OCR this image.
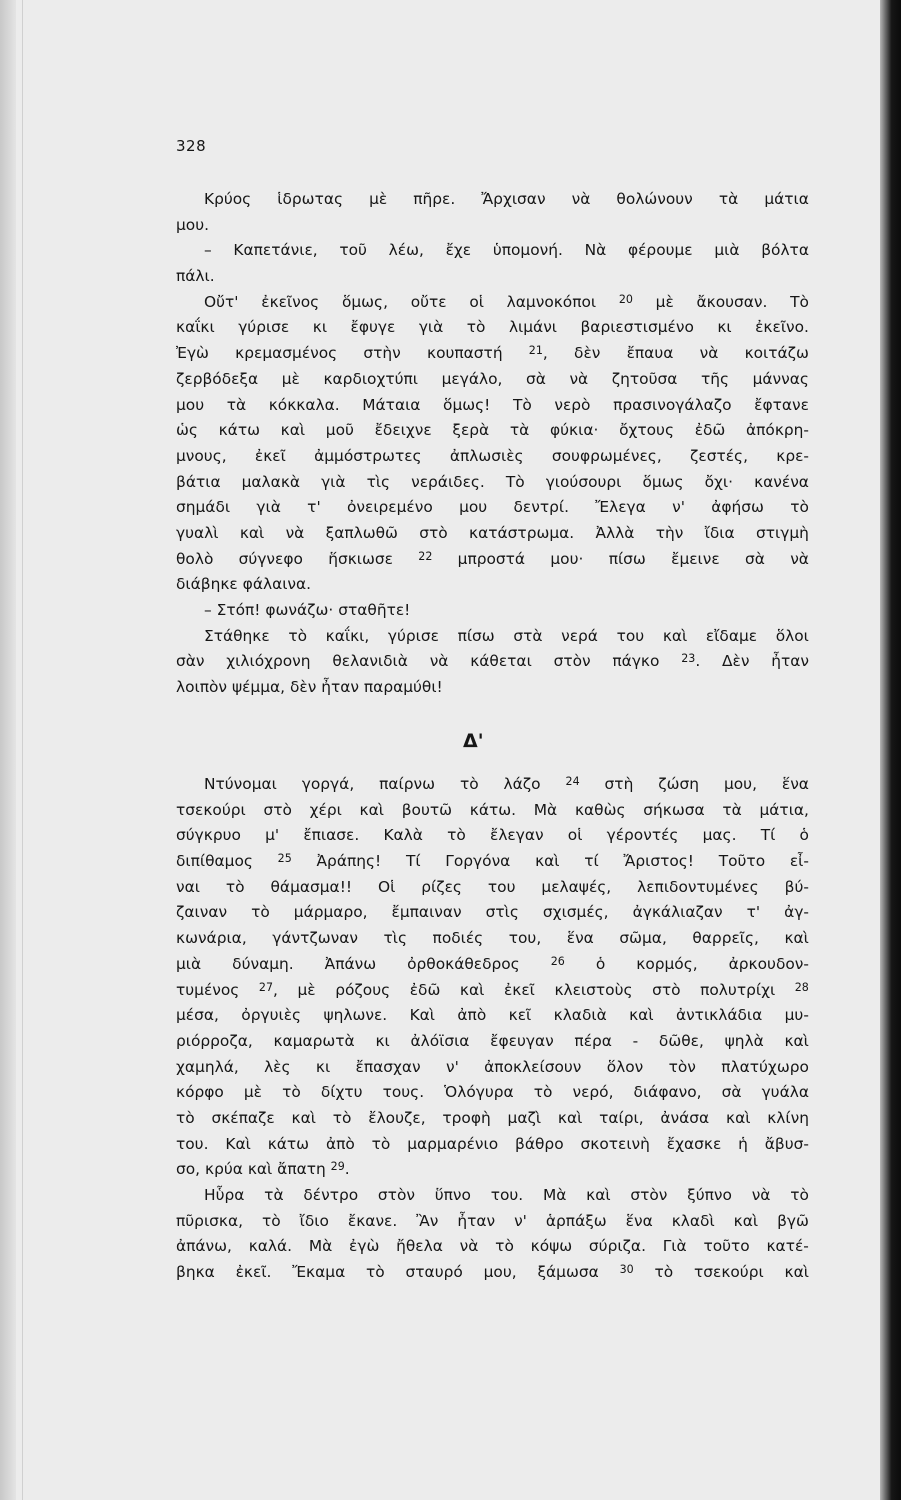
328
Κρύος ἱδρωτας μὲ πῆρε. Ἄρχισαν νὰ θολώνουν τὰ μάτια
μου.
– Καπετάνιε, τοῦ λέω, ἔχε ὑπομονή. Νὰ φέρουμε μιὰ βόλτα
πάλι.
Οὔτ' ἐκεῖνος ὅμως, οὔτε οἱ λαμνοκόποι $^{20}$ μὲ ἄκουσαν. Τὸ
καΐκι γύρισε κι ἔφυγε γιὰ τὸ λιμάνι βαριεστισμένο κι ἐκεῖνο.
Ἐγὼ κρεμασμένος στὴν κουπαστή $^{21}$, δὲν ἔπαυα νὰ κοιτάζω
ζερβόδεξα μὲ καρδιοχτύπι μεγάλο, σὰ νὰ ζητοῦσα τῆς μάννας
μου τὰ κόκκαλα. Μάταια ὅμως! Τὸ νερὸ πρασινογάλαζο ἔφτανε
ὡς κάτω καὶ μοῦ ἔδειχνε ξερὰ τὰ φύκια· ὄχτους ἐδῶ ἀπόκρη-
μνους, ἐκεῖ ἀμμόστρωτες ἀπλωσιὲς σουφρωμένες, ζεστές, κρε-
βάτια μαλακὰ γιὰ τὶς νεράιδες. Τὸ γιούσουρι ὅμως ὄχι· κανένα
σημάδι γιὰ τ' ὀνειρεμένο μου δεντρί. Ἔλεγα ν' ἀφήσω τὸ
γυαλὶ καὶ νὰ ξαπλωθῶ στὸ κατάστρωμα. Ἀλλὰ τὴν ἴδια στιγμὴ
θολὸ σύγνεφο ἥσκιωσε $^{22}$ μπροστά μου· πίσω ἔμεινε σὰ νὰ
διάβηκε φάλαινα.
– Στόπ! φωνάζω· σταθῆτε!
Στάθηκε τὸ καΐκι, γύρισε πίσω στὰ νερά του καὶ εἴδαμε ὅλοι
σὰν χιλιόχρονη θελανιδιὰ νὰ κάθεται στὸν πάγκο $^{23}$. Δὲν ἦταν
λοιπὸν ψέμμα, δὲν ἦταν παραμύθι!
Δ'
Ντύνομαι γοργά, παίρνω τὸ λάζο $^{24}$ στὴ ζώση μου, ἕνα
τσεκούρι στὸ χέρι καὶ βουτῶ κάτω. Μὰ καθὼς σήκωσα τὰ μάτια,
σύγκρυο μ' ἔπιασε. Καλὰ τὸ ἔλεγαν οἱ γέροντές μας. Τί ὁ
διπίθαμος $^{25}$ Ἀράπης! Τί Γοργόνα καὶ τί Ἄριστος! Τοῦτο εἶ-
ναι τὸ θάμασμα!! Οἱ ρίζες του μελαψές, λεπιδοντυμένες βύ-
ζαιναν τὸ μάρμαρο, ἔμπαιναν στὶς σχισμές, ἀγκάλιαζαν τ' ἀγ-
κωνάρια, γάντζωναν τὶς ποδιές του, ἕνα σῶμα, θαρρεῖς, καὶ
μιὰ δύναμη. Ἀπάνω ὀρθοκάθεδρος	$^{26}$ ὁ κορμός, ἀρκουδον-
τυμένος $^{27}$, μὲ ρόζους ἐδῶ καὶ ἐκεῖ κλειστοὺς στὸ πολυτρίχι $^{28}$
μέσα, ὀργυιὲς ψηλωνε. Καὶ ἀπὸ κεῖ κλαδιὰ καὶ ἀντικλάδια μυ-
ριόρροζα, καμαρωτὰ κι ἀλόϊσια ἔφευγαν πέρα - δῶθε, ψηλὰ καὶ
χαμηλά, λὲς κι ἔπασχαν ν' ἀποκλείσουν ὅλον τὸν πλατύχωρο
κόρφο μὲ τὸ δίχτυ τους. Ὁλόγυρα τὸ νερό, διάφανο, σὰ γυάλα
τὸ σκέπαζε καὶ τὸ ἔλουζε, τροφὴ μαζὶ καὶ ταίρι, ἀνάσα καὶ κλίνη
του. Καὶ κάτω ἀπὸ τὸ μαρμαρένιο βάθρο σκοτεινὴ ἔχασκε ἡ ἄβυσ-
σο, κρύα καὶ ἄπατη $^{29}$.
Ηὗρα τὰ δέντρο στὸν ὕπνο του. Μὰ καὶ στὸν ξύπνο νὰ τὸ
πῦρισκα, τὸ ἴδιο ἔκανε. Ἂν ἦταν ν' ἁρπάξω ἕνα κλαδὶ καὶ βγῶ
ἀπάνω, καλά. Μὰ ἐγὼ ἤθελα νὰ τὸ κόψω σύριζα. Γιὰ τοῦτο κατέ-
βηκα ἐκεῖ. Ἔκαμα τὸ σταυρό μου, ξάμωσα $^{30}$ τὸ τσεκούρι καὶ
